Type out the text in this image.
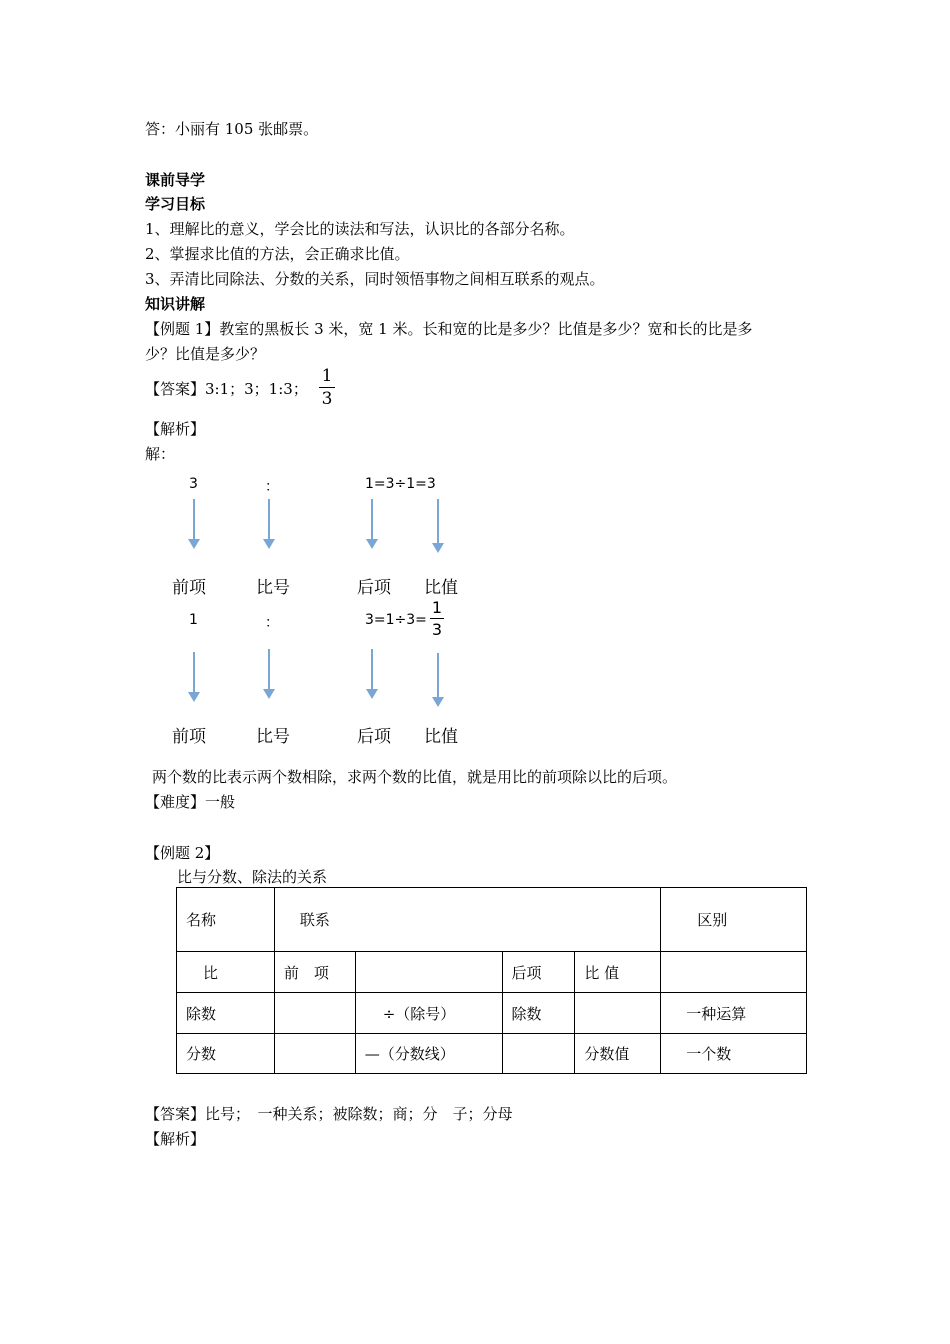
答：小丽有 105 张邮票。
课前导学
学习目标
1、理解比的意义，学会比的读法和写法，认识比的各部分名称。
2、掌握求比值的方法，会正确求比值。
3、弄清比同除法、分数的关系，同时领悟事物之间相互联系的观点。
知识讲解
【例题 1】教室的黑板长 3 米，宽 1 米。长和宽的比是多少？比值是多少？宽和长的比是多
少？比值是多少？
【答案】3:1；3；1:3；
1
3
【解析】
解：
3	：	1=3÷1=3
前项	比号	后项 比值
1	：	3=1÷3=
1
3
前项	比号	后项 比值
两个数的比表示两个数相除，求两个数的比值，就是用比的前项除以比的后项。
【难度】一般
【例题 2】
比与分数、除法的关系
名称	联系				区别
比	前　项		后项	比 值	
除数		÷（除号）	除数		一种运算
分数		—（分数线）		分数值	一个数
【答案】比号；　一种关系；被除数；商；分　子；分母
【解析】
